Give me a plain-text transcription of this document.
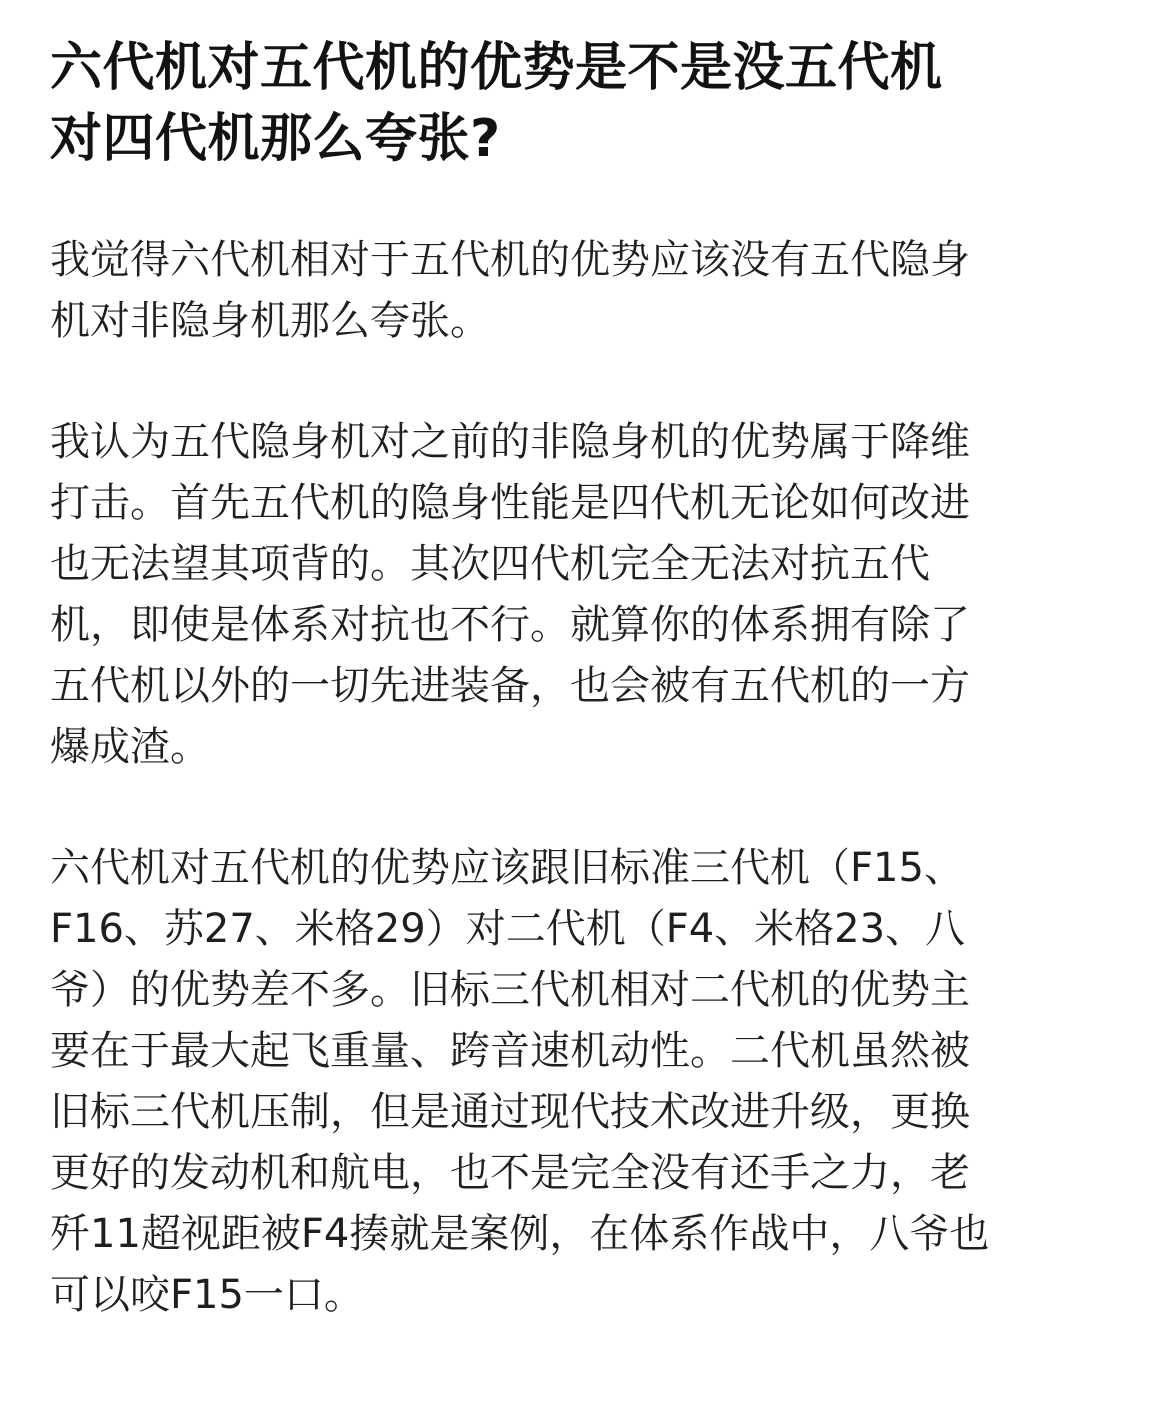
六代机对五代机的优势是不是没五代机
对四代机那么夸张?

我觉得六代机相对于五代机的优势应该没有五代隐身
机对非隐身机那么夸张。

我认为五代隐身机对之前的非隐身机的优势属于降维
打击。首先五代机的隐身性能是四代机无论如何改进
也无法望其项背的。其次四代机完全无法对抗五代
机，即使是体系对抗也不行。就算你的体系拥有除了
五代机以外的一切先进装备，也会被有五代机的一方
爆成渣。

六代机对五代机的优势应该跟旧标准三代机（F15、
F16、苏27、米格29）对二代机（F4、米格23、八
爷）的优势差不多。旧标三代机相对二代机的优势主
要在于最大起飞重量、跨音速机动性。二代机虽然被
旧标三代机压制，但是通过现代技术改进升级，更换
更好的发动机和航电，也不是完全没有还手之力，老
歼11超视距被F4揍就是案例，在体系作战中，八爷也
可以咬F15一口。
